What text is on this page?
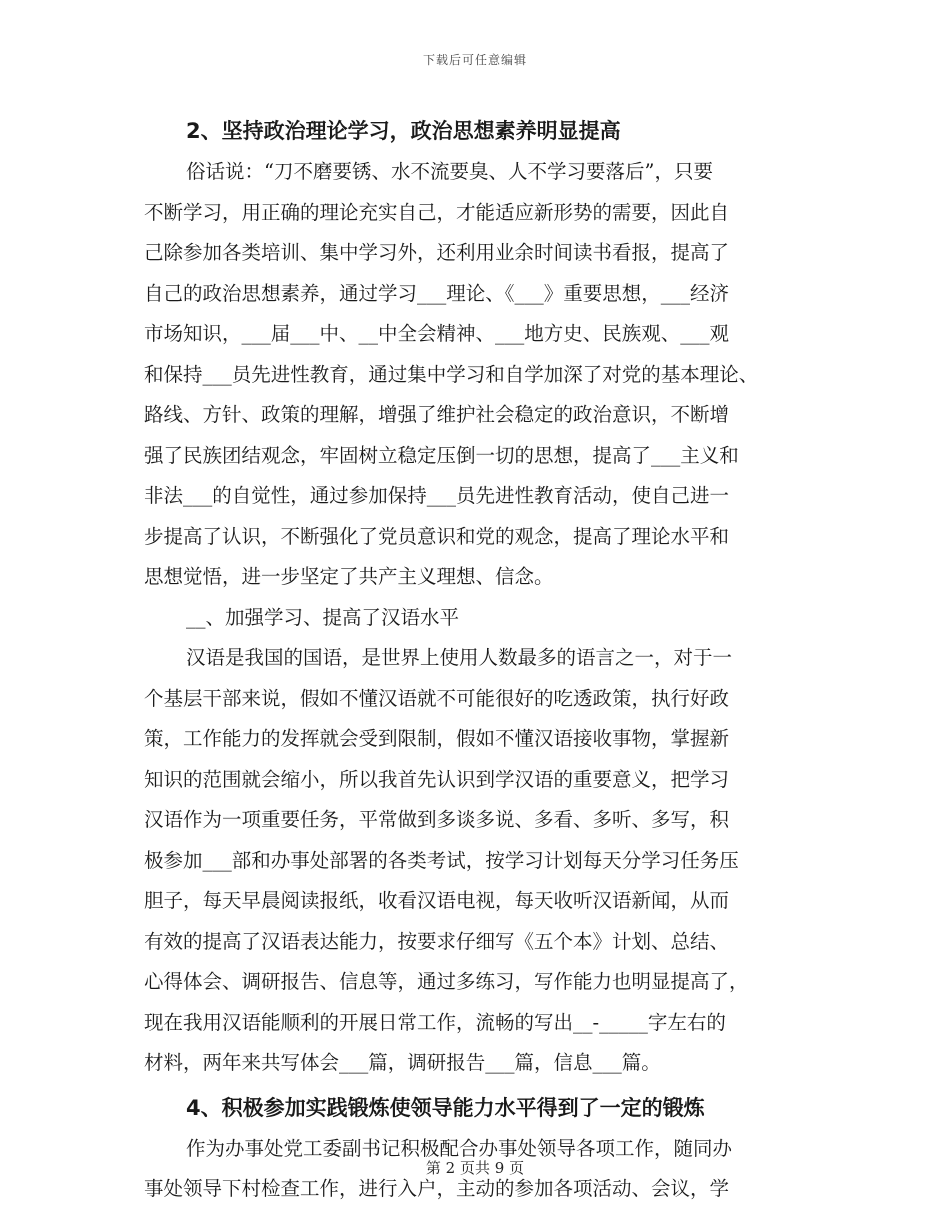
下载后可任意编辑
2、坚持政治理论学习，政治思想素养明显提高

俗话说：“刀不磨要锈、水不流要臭、人不学习要落后”，只要
不断学习，用正确的理论充实自己，才能适应新形势的需要，因此自
己除参加各类培训、集中学习外，还利用业余时间读书看报，提高了
自己的政治思想素养，通过学习___理论、《___》重要思想，___经济
市场知识，___届___中、__中全会精神、___地方史、民族观、___观
和保持___员先进性教育，通过集中学习和自学加深了对党的基本理论、
路线、方针、政策的理解，增强了维护社会稳定的政治意识，不断增
强了民族团结观念，牢固树立稳定压倒一切的思想，提高了___主义和
非法___的自觉性，通过参加保持___员先进性教育活动，使自己进一
步提高了认识，不断强化了党员意识和党的观念，提高了理论水平和
思想觉悟，进一步坚定了共产主义理想、信念。

__、加强学习、提高了汉语水平

汉语是我国的国语，是世界上使用人数最多的语言之一，对于一
个基层干部来说，假如不懂汉语就不可能很好的吃透政策，执行好政
策，工作能力的发挥就会受到限制，假如不懂汉语接收事物，掌握新
知识的范围就会缩小，所以我首先认识到学汉语的重要意义，把学习
汉语作为一项重要任务，平常做到多谈多说、多看、多听、多写，积
极参加___部和办事处部署的各类考试，按学习计划每天分学习任务压
胆子，每天早晨阅读报纸，收看汉语电视，每天收听汉语新闻，从而
有效的提高了汉语表达能力，按要求仔细写《五个本》计划、总结、
心得体会、调研报告、信息等，通过多练习，写作能力也明显提高了，
现在我用汉语能顺利的开展日常工作，流畅的写出__-_____字左右的
材料，两年来共写体会___篇，调研报告___篇，信息___篇。

4、积极参加实践锻炼使领导能力水平得到了一定的锻炼

作为办事处党工委副书记积极配合办事处领导各项工作，随同办
事处领导下村检查工作，进行入户，主动的参加各项活动、会议，学

第 2 页共 9 页
